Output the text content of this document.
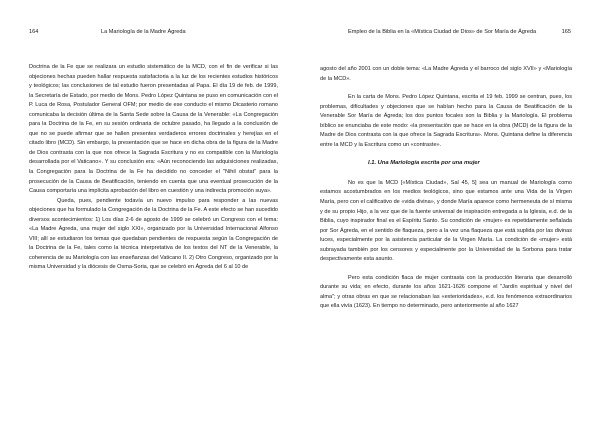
164	La Mariología de la Madre Ágreda

Doctrina de la Fe que se realizara un estudio sistemático de la MCD, con el fin de verificar si las objeciones hechas pueden hallar respuesta satisfactoria a la luz de los recientes estudios históricos y teológicos; las conclusiones de tal estudio fueron presentadas al Papa. El día 19 de feb. de 1999, la Secretaría de Estado, por medio de Mons. Pedro López Quintana se puso en comunicación con el P. Luca de Rosa, Postulador General OFM; por medio de ese conducto el mismo Dicasterio romano comunicaba la decisión última de la Santa Sede sobre la Causa de la Venerable: «La Congregación para la Doctrina de la Fe, en su sesión ordinaria de octubre pasado, ha llegado a la conclusión de que no se puede afirmar que se hallen presentes verdaderos errores doctrinales y herejías en el citado libro (MCD). Sin embargo, la presentación que se hace en dicha obra de la figura de la Madre de Dios contrasta con la que nos ofrece la Sagrada Escritura y no es compatible con la Mariología desarrollada por el Vaticano». Y su conclusión era: «Aún reconociendo las adquisiciones realizadas, la Congregación para la Doctrina de la Fe ha decidido no conceder el "Nihil obstat" para la prosecución de la Causa de Beatificación, teniendo en cuenta que una eventual prosecución de la Causa comportaría una implícita aprobación del libro en cuestión y una indirecta promoción suya».

Queda, pues, pendiente todavía un nuevo impulso para responder a las nuevas objeciones que ha formulado la Congregación de la Doctrina de la Fe. A este efecto se han sucedido diversos acontecimientos: 1) Los días 2-6 de agosto de 1999 se celebró un Congreso con el tema: «La Madre Ágreda, una mujer del siglo XXI», organizado por la Universidad Internacional Alfonso VIII; allí se estudiaron los temas que quedaban pendientes de respuesta según la Congregación de la Doctrina de la Fe, tales como la técnica interpretativa de los textos del NT de la Venerable, la coherencia de su Mariología con las enseñanzas del Vaticano II. 2) Otro Congreso, organizado por la misma Universidad y la diócesis de Osma-Soria, que se celebró en Ágreda del 6 al 10 de

Empleo de la Biblia en la «Mística Ciudad de Dios» de Sor María de Ágreda	165

agosto del año 2001 con un doble tema: «La Madre Ágreda y el barroco del siglo XVII» y «Mariología de la MCD».

En la carta de Mons. Pedro López Quintana, escrita el 19 feb. 1999 se centran, pues, los problemas, dificultades y objeciones que se habían hecho para la Causa de Beatificación de la Venerable Sor María de Ágreda; los dos puntos focales son la Biblia y la Mariología. El problema bíblico se enunciaba de este modo: «la presentación que se hace en la obra (MCD) de la figura de la Madre de Dios contrasta con la que ofrece la Sagrada Escritura». Mons. Quintana define la diferencia entre la MCD y la Escritura como un «contraste».

I.1. Una Mariología escrita por una mujer

No es que la MCD [«Mística Ciudad», Sal 45, 5] sea un manual de Mariología como estamos acostumbrados en los medios teológicos, sino que estamos ante una Vida de la Virgen María, pero con el calificativo de «vida divina», y donde María aparece como hermeneuta de sí misma y de su propio Hijo, a la vez que de la fuente universal de inspiración entregada a la Iglesia, e.d. de la Biblia, cuyo inspirador final es el Espíritu Santo. Su condición de «mujer» es repetidamente señalada por Sor Ágreda, en el sentido de flaqueza, pero a la vez una flaqueza que está suplida por las divinas luces, especialmente por la asistencia particular de la Virgen María. La condición de «mujer» está subrayada también por los censores y especialmente por la Universidad de la Sorbona para tratar despectivamente esta asunto.

Pero esta condición flaca de mujer contrasta con la producción literaria que desarrolló durante su vida; en efecto, durante los años 1621-1626 compone el "Jardín espiritual y nivel del alma"; y otras obras en que se relacionaban las «exterioridades», e.d. los fenómenos extraordinarios que ella vivía (1623). En tiempo no determinado, pero anteriormente al año 1627
